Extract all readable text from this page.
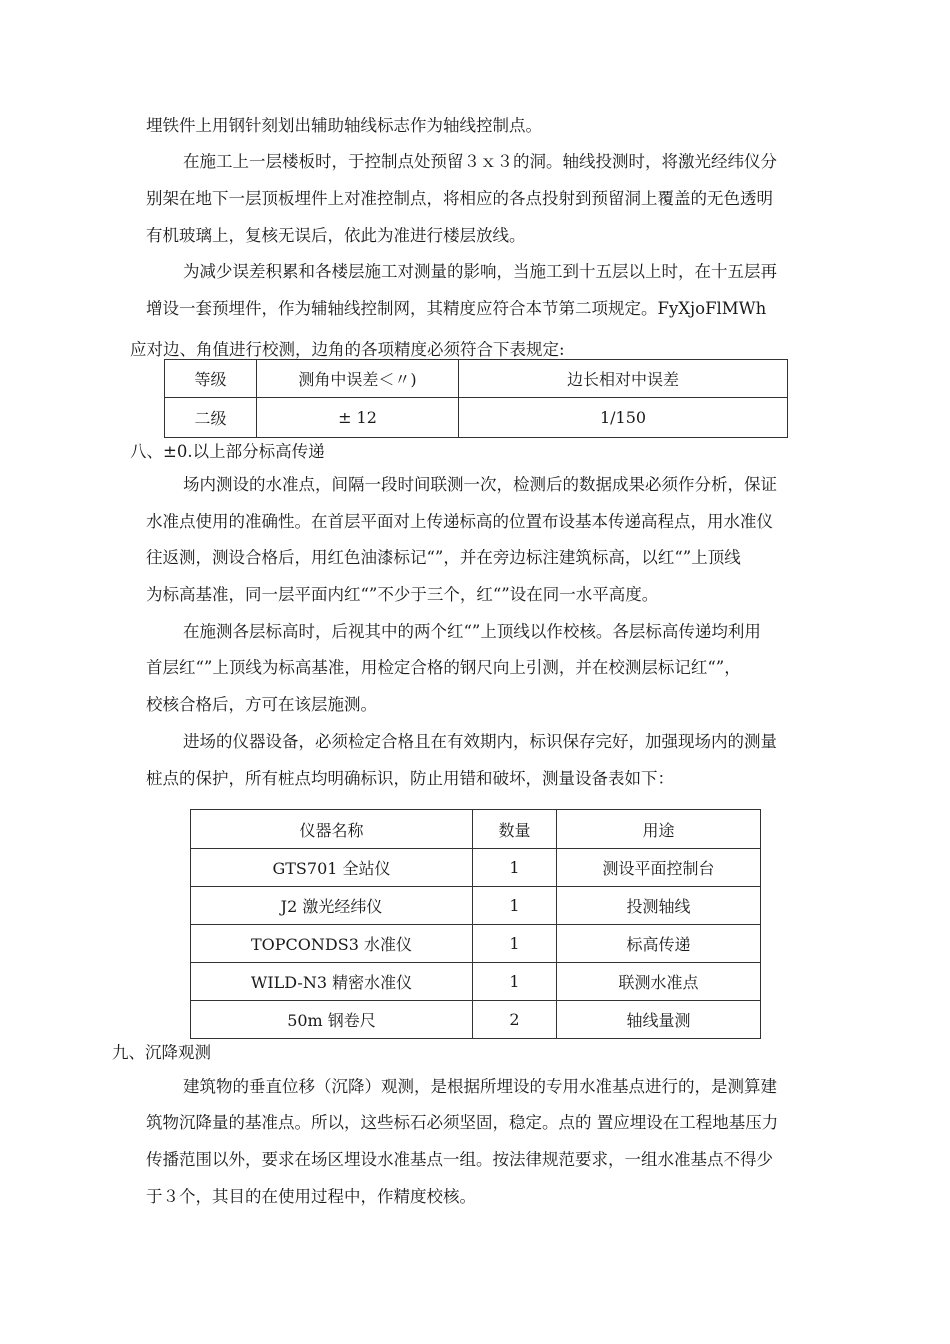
埋铁件上用钢针刻划出辅助轴线标志作为轴线控制点。

在施工上一层楼板时，于控制点处预留３ｘ３的洞。轴线投测时，将激光经纬仪分

别架在地下一层顶板埋件上对准控制点，将相应的各点投射到预留洞上覆盖的无色透明

有机玻璃上，复核无误后，依此为准进行楼层放线。

为减少误差积累和各楼层施工对测量的影响，当施工到十五层以上时，在十五层再

增设一套预埋件，作为辅轴线控制网，其精度应符合本节第二项规定。FyXjoFlMWh

应对边、角值进行校测，边角的各项精度必须符合下表规定:

等级	测角中误差＜〃)	边长相对中误差
二级	± 12	1/150

八、±0.以上部分标高传递

场内测设的水准点，间隔一段时间联测一次，检测后的数据成果必须作分析，保证

水准点使用的准确性。在首层平面对上传递标高的位置布设基本传递高程点，用水准仪

往返测，测设合格后，用红色油漆标记“”，并在旁边标注建筑标高，以红“”上顶线

为标高基准，同一层平面内红“”不少于三个，红“”设在同一水平高度。

在施测各层标高时，后视其中的两个红“”上顶线以作校核。各层标高传递均利用

首层红“”上顶线为标高基准，用检定合格的钢尺向上引测，并在校测层标记红“”，

校核合格后，方可在该层施测。

进场的仪器设备，必须检定合格且在有效期内，标识保存完好，加强现场内的测量

桩点的保护，所有桩点均明确标识，防止用错和破坏，测量设备表如下：

仪器名称	数量	用途
GTS701 全站仪	1	测设平面控制台
J2 激光经纬仪	1	投测轴线
TOPCONDS3 水准仪	1	标高传递
WILD-N3 精密水准仪	1	联测水准点
50m 钢卷尺	2	轴线量测

九、沉降观测

建筑物的垂直位移（沉降）观测，是根据所埋设的专用水准基点进行的，是测算建

筑物沉降量的基准点。所以，这些标石必须坚固，稳定。点的 置应埋设在工程地基压力

传播范围以外，要求在场区埋设水准基点一组。按法律规范要求，一组水准基点不得少

于３个，其目的在使用过程中，作精度校核。
